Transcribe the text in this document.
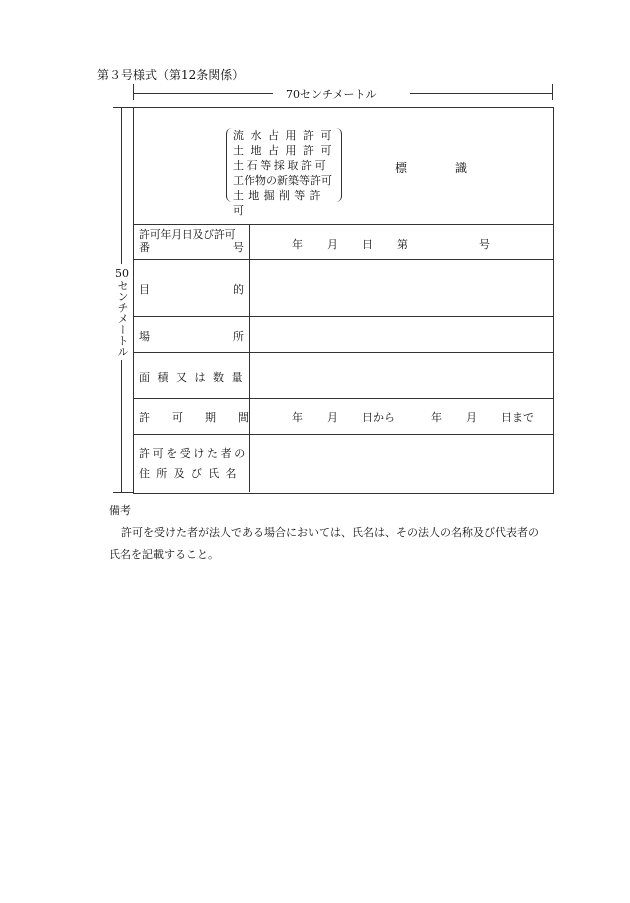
第３号様式（第12条関係）
70センチメートル
50
センチメートル
流水占用許可
土地占用許可
土石等採取許可
工作物の新築等許可
土地掘削等許可
標識
許可年月日及び許可
番	号	年 月 日 第	号
目	的
場	所
面積又は数量
許可期間 年 月 日から	年 月 日まで
許可を受けた者の
住所及び氏名
備考
許可を受けた者が法人である場合においては、氏名は、その法人の名称及び代表者の
氏名を記載すること。
